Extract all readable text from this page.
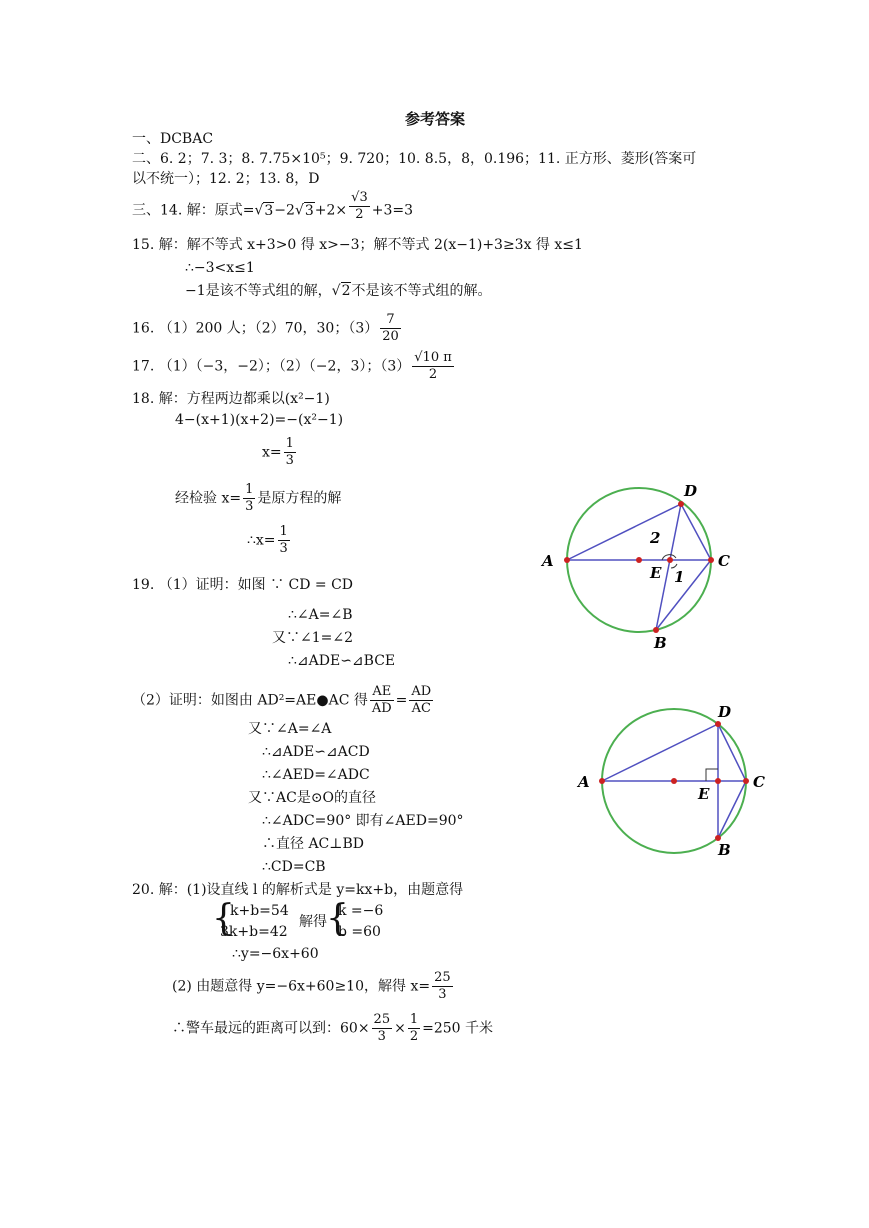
参考答案
一、DCBAC
二、6. 2；7. 3；8. 7.75×10⁵；9. 720；10. 8.5，8，0.196；11. 正方形、菱形(答案可
以不统一）；12. 2；13. 8，D
三、14. 解：原式$=√3-2√3+2\times \frac{√3}{2} +3=3$
15. 解：解不等式 x+3>0 得 x>−3；解不等式 2(x−1)+3≥3x 得 x≤1
∴−3<x≤1
−1是该不等式组的解，√2不是该不等式组的解。
16. （1）200 人；（2）70，30；$(3) \frac{7}{20}$
17. （1）（−3，−2）；（2）（−2，3）；$(3) \frac{√10 \pi}{2}$
18. 解：方程两边都乘以(x²−1)
4−(x+1)(x+2)=−(x²−1)
$x= \frac{1}{3}$
经检验 $x= \frac{1}{3}$ 是原方程的解
∴x= $\frac{1}{3}$
19. （1）证明：如图 ∵ CD = CD
∴∠A=∠B
又∵∠1=∠2
∴⊿ADE∽⊿BCE
（2）证明：如图由 AD²=AE●AC 得 $\frac{AE}{AD} = \frac{AD}{AC}$
又∵∠A=∠A
∴⊿ADE∽⊿ACD
∴∠AED=∠ADC
又∵AC是⊙O的直径
∴∠ADC=90° 即有∠AED=90°
∴直径 AC⊥BD
∴CD=CB
20. 解：(1)设直线 l 的解析式是 y=kx+b，由题意得
{
k+b=54
3k+b=42
解得 {
k =−6
b =60
∴y=−6x+60
(2) 由题意得 y=−6x+60≥10，解得 $x= \frac{25}{3}$
∴警车最远的距离可以到：$60\times \frac{25}{3} \times \frac{1}{2} =250$ 千米
A	C
D
B
E 1
2
A	C
D
B
E
